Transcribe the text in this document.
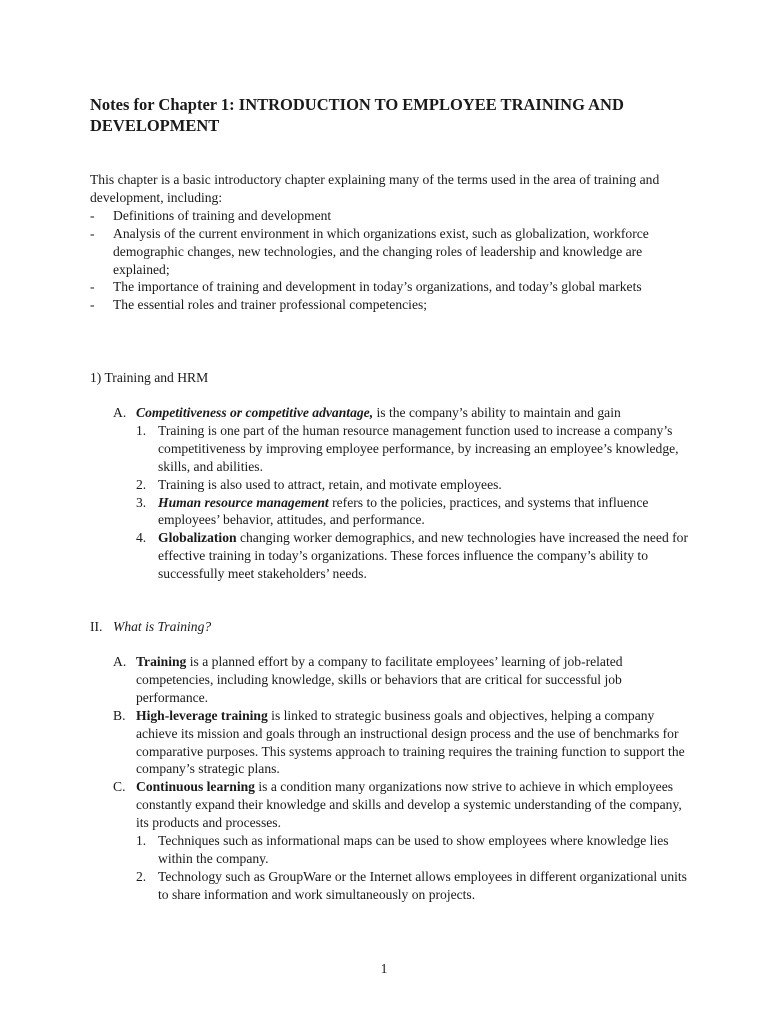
Notes for Chapter 1: INTRODUCTION TO EMPLOYEE TRAINING AND DEVELOPMENT

This chapter is a basic introductory chapter explaining many of the terms used in the area of training and development, including:

- Definitions of training and development
- Analysis of the current environment in which organizations exist, such as globalization, workforce demographic changes, new technologies, and the changing roles of leadership and knowledge are explained;
- The importance of training and development in today’s organizations, and today’s global markets
- The essential roles and trainer professional competencies;

1) Training and HRM

A. Competitiveness or competitive advantage, is the company’s ability to maintain and gain
1. Training is one part of the human resource management function used to increase a company’s competitiveness by improving employee performance, by increasing an employee’s knowledge, skills, and abilities.
2. Training is also used to attract, retain, and motivate employees.
3. Human resource management refers to the policies, practices, and systems that influence employees’ behavior, attitudes, and performance.
4. Globalization changing worker demographics, and new technologies have increased the need for effective training in today’s organizations. These forces influence the company’s ability to successfully meet stakeholders’ needs.
II. What is Training?
A. Training is a planned effort by a company to facilitate employees’ learning of job-related competencies, including knowledge, skills or behaviors that are critical for successful job performance.
B. High-leverage training is linked to strategic business goals and objectives, helping a company achieve its mission and goals through an instructional design process and the use of benchmarks for comparative purposes. This systems approach to training requires the training function to support the company’s strategic plans.
C. Continuous learning is a condition many organizations now strive to achieve in which employees constantly expand their knowledge and skills and develop a systemic understanding of the company, its products and processes.
1. Techniques such as informational maps can be used to show employees where knowledge lies within the company.
2. Technology such as GroupWare or the Internet allows employees in different organizational units to share information and work simultaneously on projects.
1
